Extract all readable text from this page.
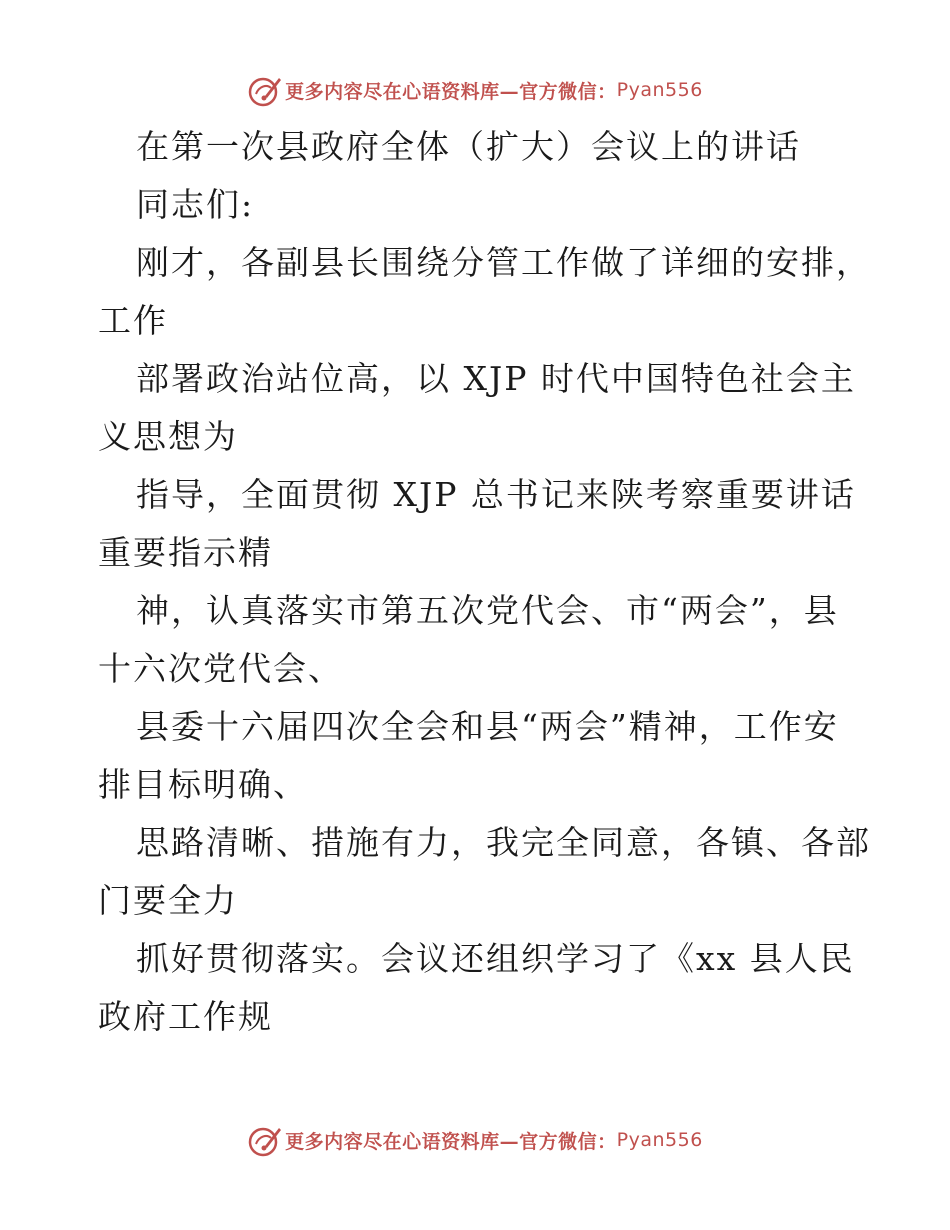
更多内容尽在心语资料库—官方微信： Pyan556
在第一次县政府全体（扩大）会议上的讲话
同志们:
刚才，各副县长围绕分管工作做了详细的安排，
工作
部署政治站位高，以 XJP 时代中国特色社会主
义思想为
指导，全面贯彻 XJP 总书记来陕考察重要讲话
重要指示精
神，认真落实市第五次党代会、市“两会”，县
十六次党代会、
县委十六届四次全会和县“两会”精神，工作安
排目标明确、
思路清晰、措施有力，我完全同意，各镇、各部
门要全力
抓好贯彻落实。会议还组织学习了《xx 县人民
政府工作规
更多内容尽在心语资料库—官方微信： Pyan556
